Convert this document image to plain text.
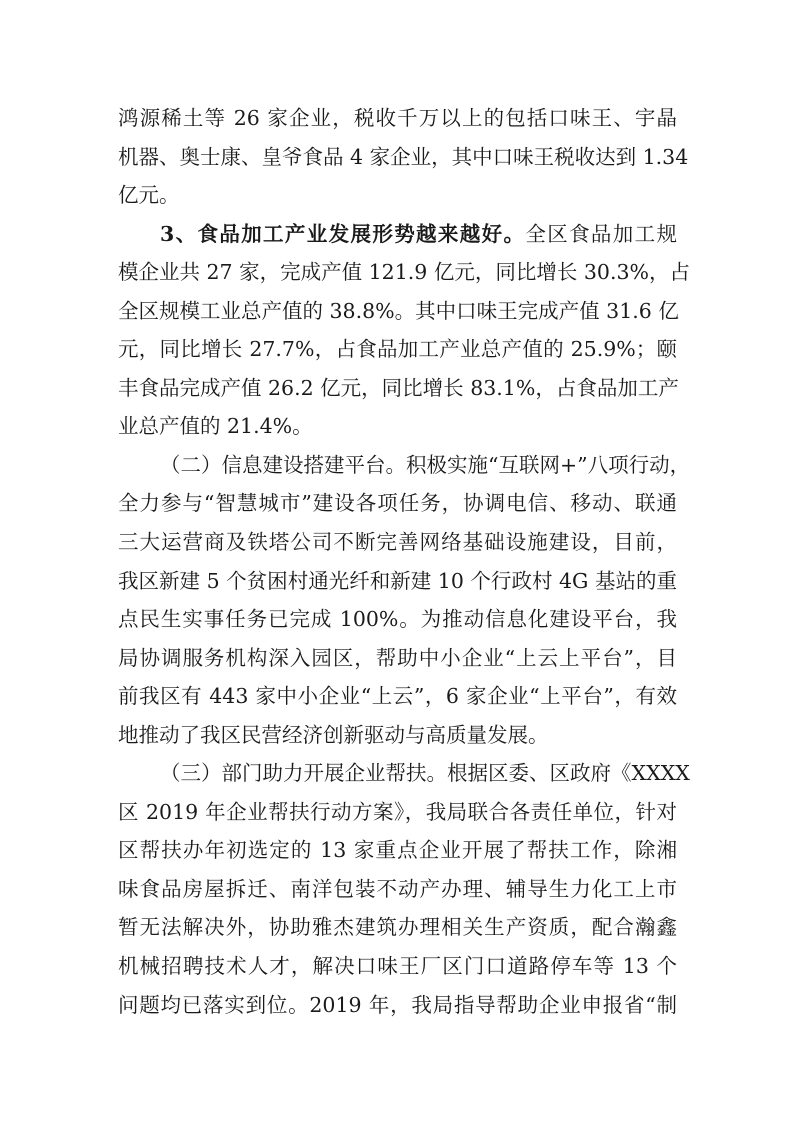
鸿源稀土等 26 家企业，税收千万以上的包括口味王、宇晶
机器、奥士康、皇爷食品 4 家企业，其中口味王税收达到 1.34
亿元。
3、食品加工产业发展形势越来越好。全区食品加工规
模企业共 27 家，完成产值 121.9 亿元，同比增长 30.3%，占
全区规模工业总产值的 38.8%。其中口味王完成产值 31.6 亿
元，同比增长 27.7%，占食品加工产业总产值的 25.9%；颐
丰食品完成产值 26.2 亿元，同比增长 83.1%，占食品加工产
业总产值的 21.4%。
（二）信息建设搭建平台。积极实施“互联网+”八项行动，
全力参与“智慧城市”建设各项任务，协调电信、移动、联通
三大运营商及铁塔公司不断完善网络基础设施建设，目前，
我区新建 5 个贫困村通光纤和新建 10 个行政村 4G 基站的重
点民生实事任务已完成 100%。为推动信息化建设平台，我
局协调服务机构深入园区，帮助中小企业“上云上平台”，目
前我区有 443 家中小企业“上云”，6 家企业“上平台”，有效
地推动了我区民营经济创新驱动与高质量发展。
（三）部门助力开展企业帮扶。根据区委、区政府《XXXX
区 2019 年企业帮扶行动方案》，我局联合各责任单位，针对
区帮扶办年初选定的 13 家重点企业开展了帮扶工作，除湘
味食品房屋拆迁、南洋包装不动产办理、辅导生力化工上市
暂无法解决外，协助雅杰建筑办理相关生产资质，配合瀚鑫
机械招聘技术人才，解决口味王厂区门口道路停车等 13 个
问题均已落实到位。2019 年，我局指导帮助企业申报省“制
